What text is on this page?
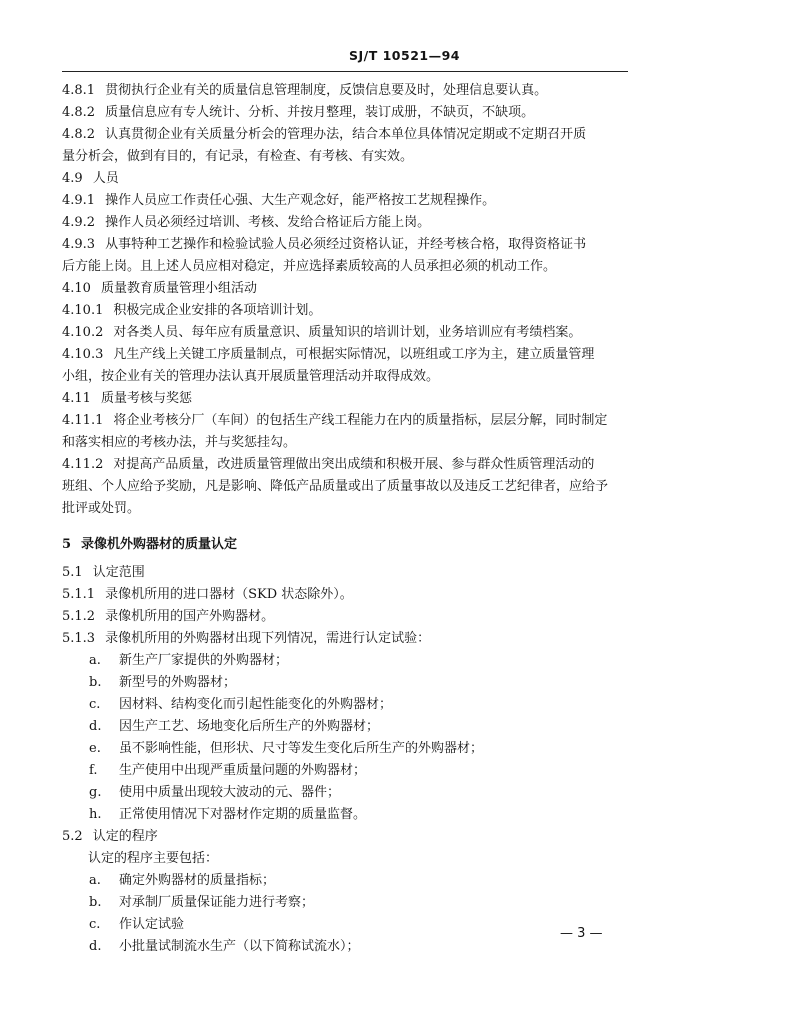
SJ/T 10521—94
4.8.1 贯彻执行企业有关的质量信息管理制度，反馈信息要及时，处理信息要认真。
4.8.2 质量信息应有专人统计、分析、并按月整理，装订成册，不缺页，不缺项。
4.8.2 认真贯彻企业有关质量分析会的管理办法，结合本单位具体情况定期或不定期召开质
量分析会，做到有目的，有记录，有检查、有考核、有实效。
4.9 人员
4.9.1 操作人员应工作责任心强、大生产观念好，能严格按工艺规程操作。
4.9.2 操作人员必须经过培训、考核、发给合格证后方能上岗。
4.9.3 从事特种工艺操作和检验试验人员必须经过资格认证，并经考核合格，取得资格证书
后方能上岗。且上述人员应相对稳定，并应选择素质较高的人员承担必须的机动工作。
4.10 质量教育质量管理小组活动
4.10.1 积极完成企业安排的各项培训计划。
4.10.2 对各类人员、每年应有质量意识、质量知识的培训计划，业务培训应有考绩档案。
4.10.3 凡生产线上关键工序质量制点，可根据实际情况，以班组或工序为主，建立质量管理
小组，按企业有关的管理办法认真开展质量管理活动并取得成效。
4.11 质量考核与奖惩
4.11.1 将企业考核分厂（车间）的包括生产线工程能力在内的质量指标，层层分解，同时制定
和落实相应的考核办法，并与奖惩挂勾。
4.11.2 对提高产品质量，改进质量管理做出突出成绩和积极开展、参与群众性质管理活动的
班组、个人应给予奖励，凡是影响、降低产品质量或出了质量事故以及违反工艺纪律者，应给予
批评或处罚。
5 录像机外购器材的质量认定
5.1 认定范围
5.1.1 录像机所用的进口器材（SKD 状态除外）。
5.1.2 录像机所用的国产外购器材。
5.1.3 录像机所用的外购器材出现下列情况，需进行认定试验：
a. 新生产厂家提供的外购器材；
b. 新型号的外购器材；
c. 因材料、结构变化而引起性能变化的外购器材；
d. 因生产工艺、场地变化后所生产的外购器材；
e. 虽不影响性能，但形状、尺寸等发生变化后所生产的外购器材；
f. 生产使用中出现严重质量问题的外购器材；
g. 使用中质量出现较大波动的元、器件；
h. 正常使用情况下对器材作定期的质量监督。
5.2 认定的程序
认定的程序主要包括：
a. 确定外购器材的质量指标；
b. 对承制厂质量保证能力进行考察；
c. 作认定试验
d. 小批量试制流水生产（以下简称试流水）；
— 3 —
